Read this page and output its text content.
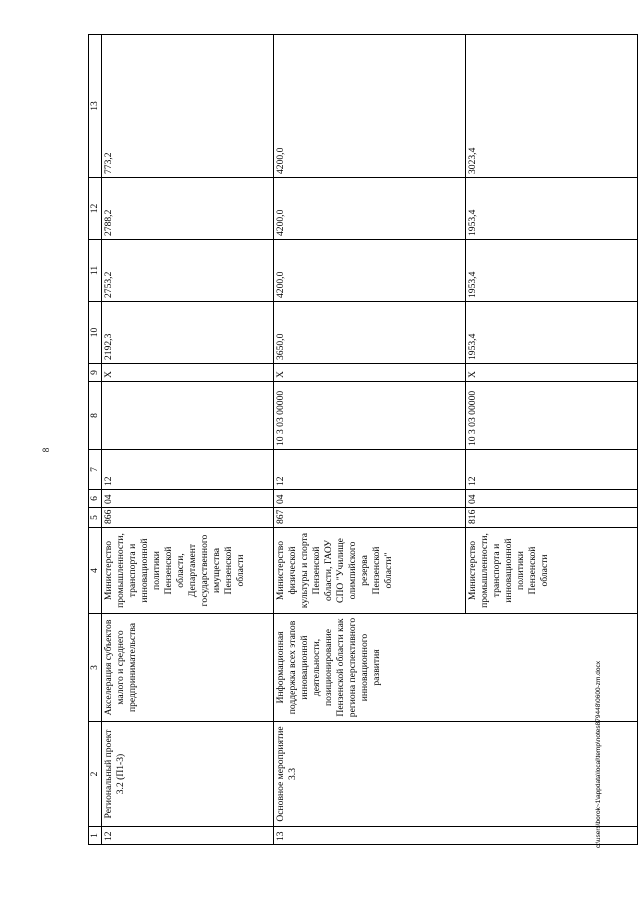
8
1	2	3	4	5	6	7	8	9	10	11	12	13
12	Региональный проект 3.2 (П1-3)	Акселерация субъектов малого и среднего предпринимательства	Министерство промышленности, транспорта и инновационной политики Пензенской области, Департамент государственного имущества Пензенской области	866	04	12		X	2192,3	2753,2	2788,2	773,2
13	Основное мероприятие 3.3	Информационная поддержка всех этапов инновационной деятельности, позиционирование Пензенской области как региона перспективного инновационного развития	Министерство физической культуры и спорта Пензенской области, ГАОУ СПО "Училище олимпийского резерва Пензенской области"	867	04	12	10 3 03 00000	X	3650,0	4200,0	4200,0	4200,0
			Министерство промышленности, транспорта и инновационной политики Пензенской области	816	04	12	10 3 03 00000	X	1953,4	1953,4	1953,4	3023,4
c:\users\borok~1\appdata\local\temp\notes879448\0600-zm.docx
